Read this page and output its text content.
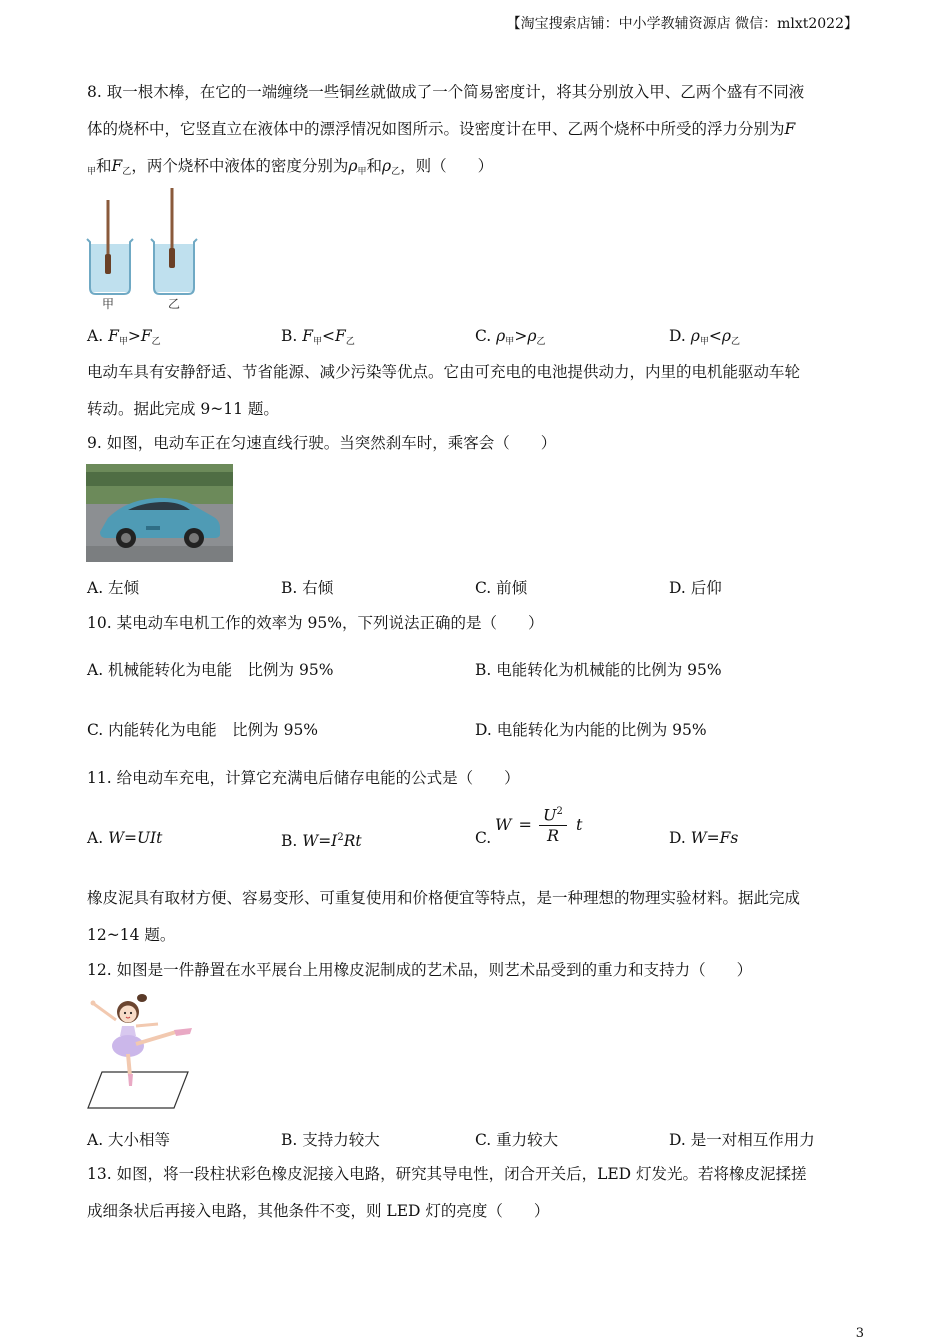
【淘宝搜索店铺：中小学教辅资源店 微信：mlxt2022】
8. 取一根木棒，在它的一端缠绕一些铜丝就做成了一个简易密度计，将其分别放入甲、乙两个盛有不同液
体的烧杯中，它竖直立在液体中的漂浮情况如图所示。设密度计在甲、乙两个烧杯中所受的浮力分别为F
$_甲$和$F_乙$，两个烧杯中液体的密度分别为$\rho_甲$和$\rho_乙$，则（　　）
甲	乙
A. $F_甲>F_乙$	B. $F_甲<F_乙$	C. $\rho_甲>\rho_乙$	D. $\rho_甲<\rho_乙$
电动车具有安静舒适、节省能源、减少污染等优点。它由可充电的电池提供动力，内里的电机能驱动车轮
转动。据此完成 9~11 题。
9. 如图，电动车正在匀速直线行驶。当突然刹车时，乘客会（　　）
A. 左倾	B. 右倾	C. 前倾	D. 后仰
10. 某电动车电机工作的效率为 95%，下列说法正确的是（　　）
A. 机械能转化为电能　比例为 95%	B. 电能转化为机械能的比例为 95%
C. 内能转化为电能　比例为 95%	D. 电能转化为内能的比例为 95%
11. 给电动车充电，计算它充满电后储存电能的公式是（　　）
A. W=UIt	B. $W=I^2Rt$	C.
$W = \frac{U^2}{R}$ t
D. W=Fs
橡皮泥具有取材方便、容易变形、可重复使用和价格便宜等特点，是一种理想的物理实验材料。据此完成
12~14 题。
12. 如图是一件静置在水平展台上用橡皮泥制成的艺术品，则艺术品受到的重力和支持力（　　）
A. 大小相等	B. 支持力较大	C. 重力较大	D. 是一对相互作用力
13. 如图，将一段柱状彩色橡皮泥接入电路，研究其导电性，闭合开关后，LED 灯发光。若将橡皮泥揉搓
成细条状后再接入电路，其他条件不变，则 LED 灯的亮度（　　）
3
